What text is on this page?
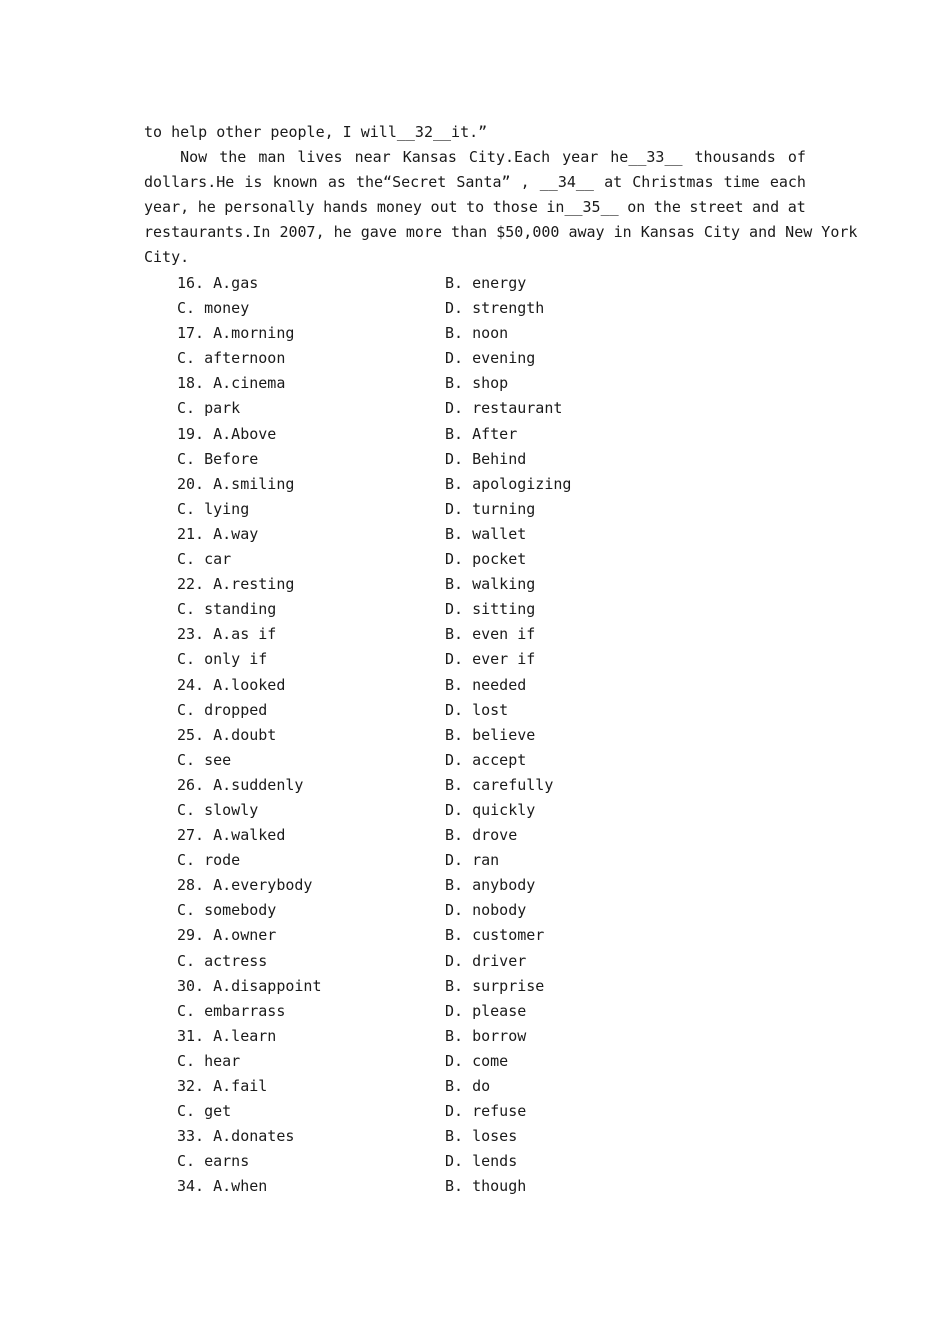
to help other people, I will__32__it.”
Now the man lives near Kansas City.Each year he__33__ thousands of
dollars.He is known as the“Secret Santa” , __34__ at Christmas time each
year, he personally hands money out to those in__35__ on the street and at
restaurants.In 2007, he gave more than $50,000 away in Kansas City and New York
City.
16. A.gas	B. energy
C. money	D. strength
17. A.morning	B. noon
C. afternoon	D. evening
18. A.cinema	B. shop
C. park	D. restaurant
19. A.Above	B. After
C. Before	D. Behind
20. A.smiling	B. apologizing
C. lying	D. turning
21. A.way	B. wallet
C. car	D. pocket
22. A.resting	B. walking
C. standing	D. sitting
23. A.as if	B. even if
C. only if	D. ever if
24. A.looked	B. needed
C. dropped	D. lost
25. A.doubt	B. believe
C. see	D. accept
26. A.suddenly	B. carefully
C. slowly	D. quickly
27. A.walked	B. drove
C. rode	D. ran
28. A.everybody	B. anybody
C. somebody	D. nobody
29. A.owner	B. customer
C. actress	D. driver
30. A.disappoint	B. surprise
C. embarrass	D. please
31. A.learn	B. borrow
C. hear	D. come
32. A.fail	B. do
C. get	D. refuse
33. A.donates	B. loses
C. earns	D. lends
34. A.when	B. though
